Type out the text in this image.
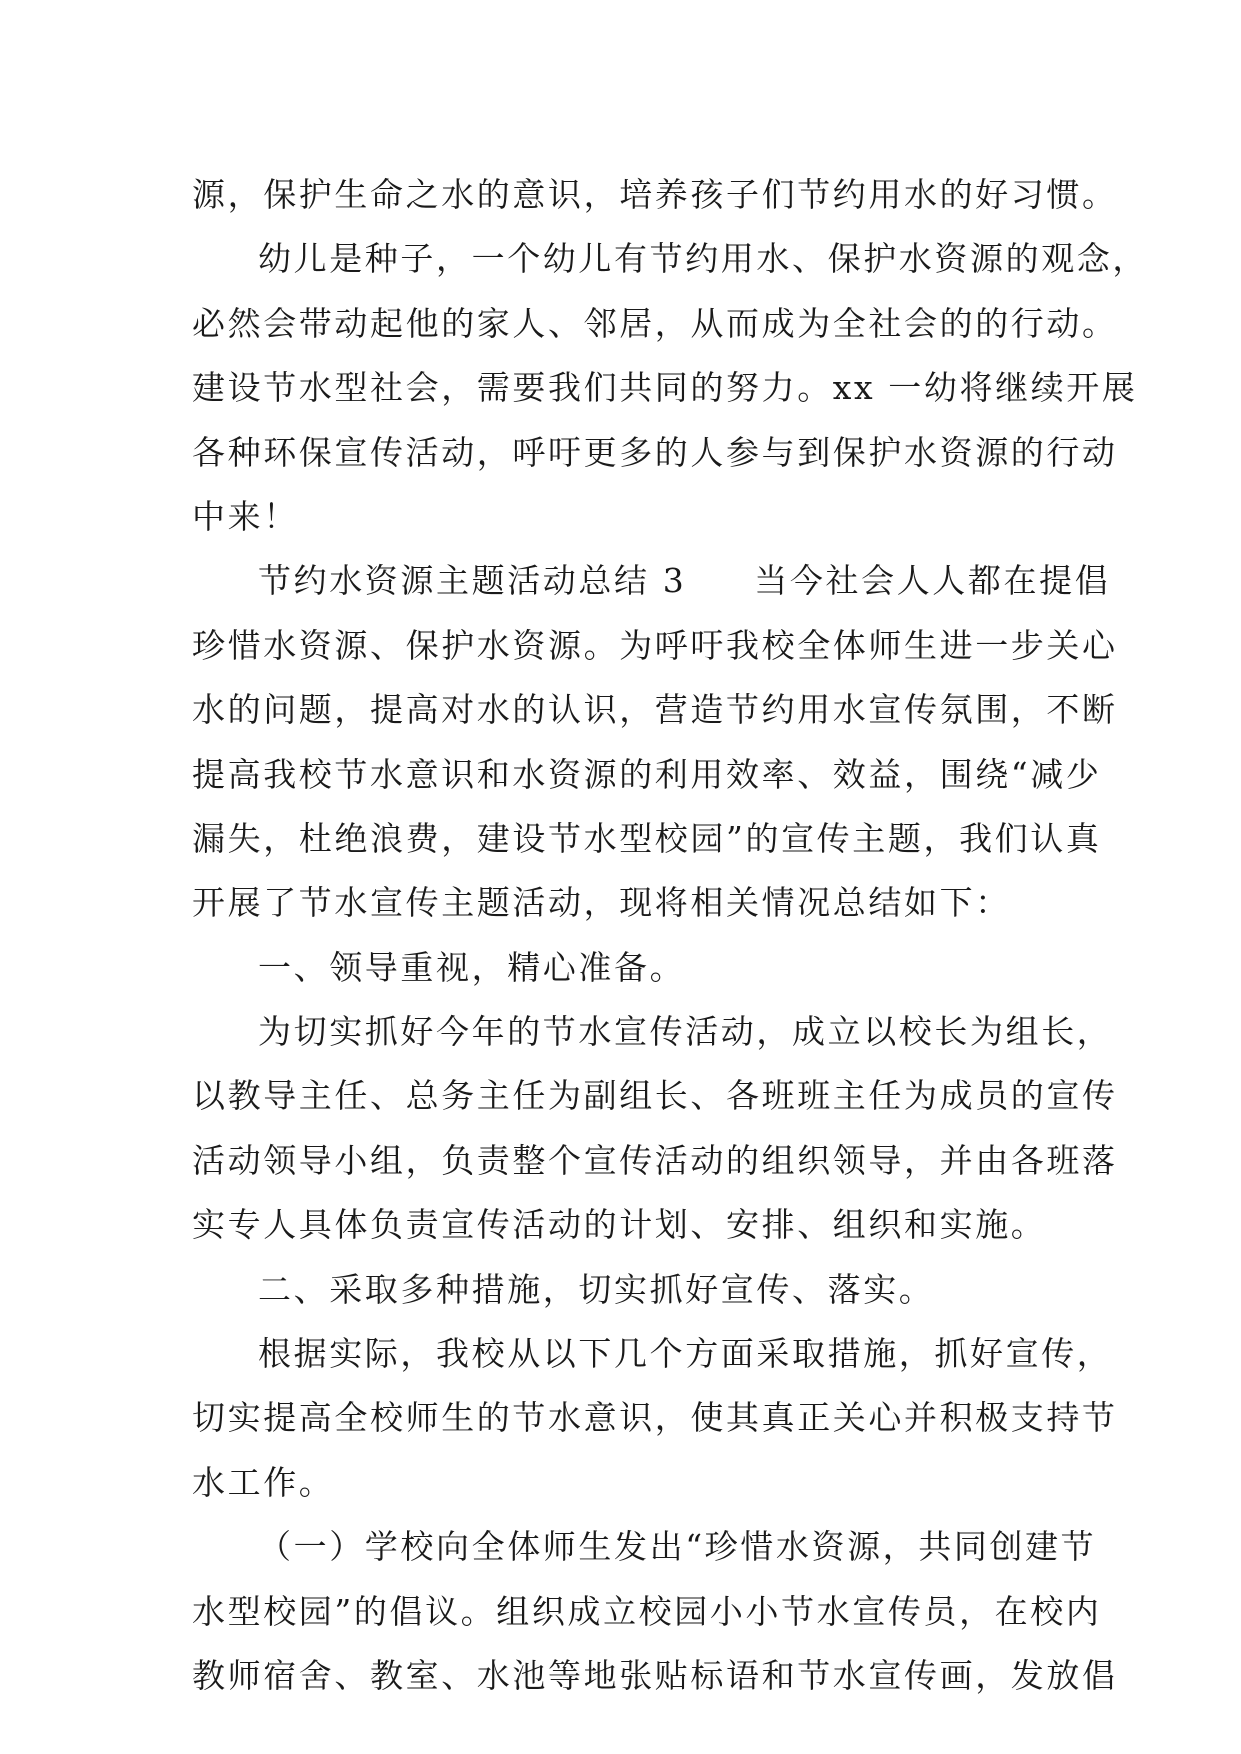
源，保护生命之水的意识，培养孩子们节约用水的好习惯。
幼儿是种子，一个幼儿有节约用水、保护水资源的观念，
必然会带动起他的家人、邻居，从而成为全社会的的行动。
建设节水型社会，需要我们共同的努力。xx 一幼将继续开展
各种环保宣传活动，呼吁更多的人参与到保护水资源的行动
中来！
节约水资源主题活动总结 3 当今社会人人都在提倡
珍惜水资源、保护水资源。为呼吁我校全体师生进一步关心
水的问题，提高对水的认识，营造节约用水宣传氛围，不断
提高我校节水意识和水资源的利用效率、效益，围绕“减少
漏失，杜绝浪费，建设节水型校园”的宣传主题，我们认真
开展了节水宣传主题活动，现将相关情况总结如下：
一、领导重视，精心准备。
为切实抓好今年的节水宣传活动，成立以校长为组长，
以教导主任、总务主任为副组长、各班班主任为成员的宣传
活动领导小组，负责整个宣传活动的组织领导，并由各班落
实专人具体负责宣传活动的计划、安排、组织和实施。
二、采取多种措施，切实抓好宣传、落实。
根据实际，我校从以下几个方面采取措施，抓好宣传，
切实提高全校师生的节水意识，使其真正关心并积极支持节
水工作。
（一）学校向全体师生发出“珍惜水资源，共同创建节
水型校园”的倡议。组织成立校园小小节水宣传员，在校内
教师宿舍、教室、水池等地张贴标语和节水宣传画，发放倡
